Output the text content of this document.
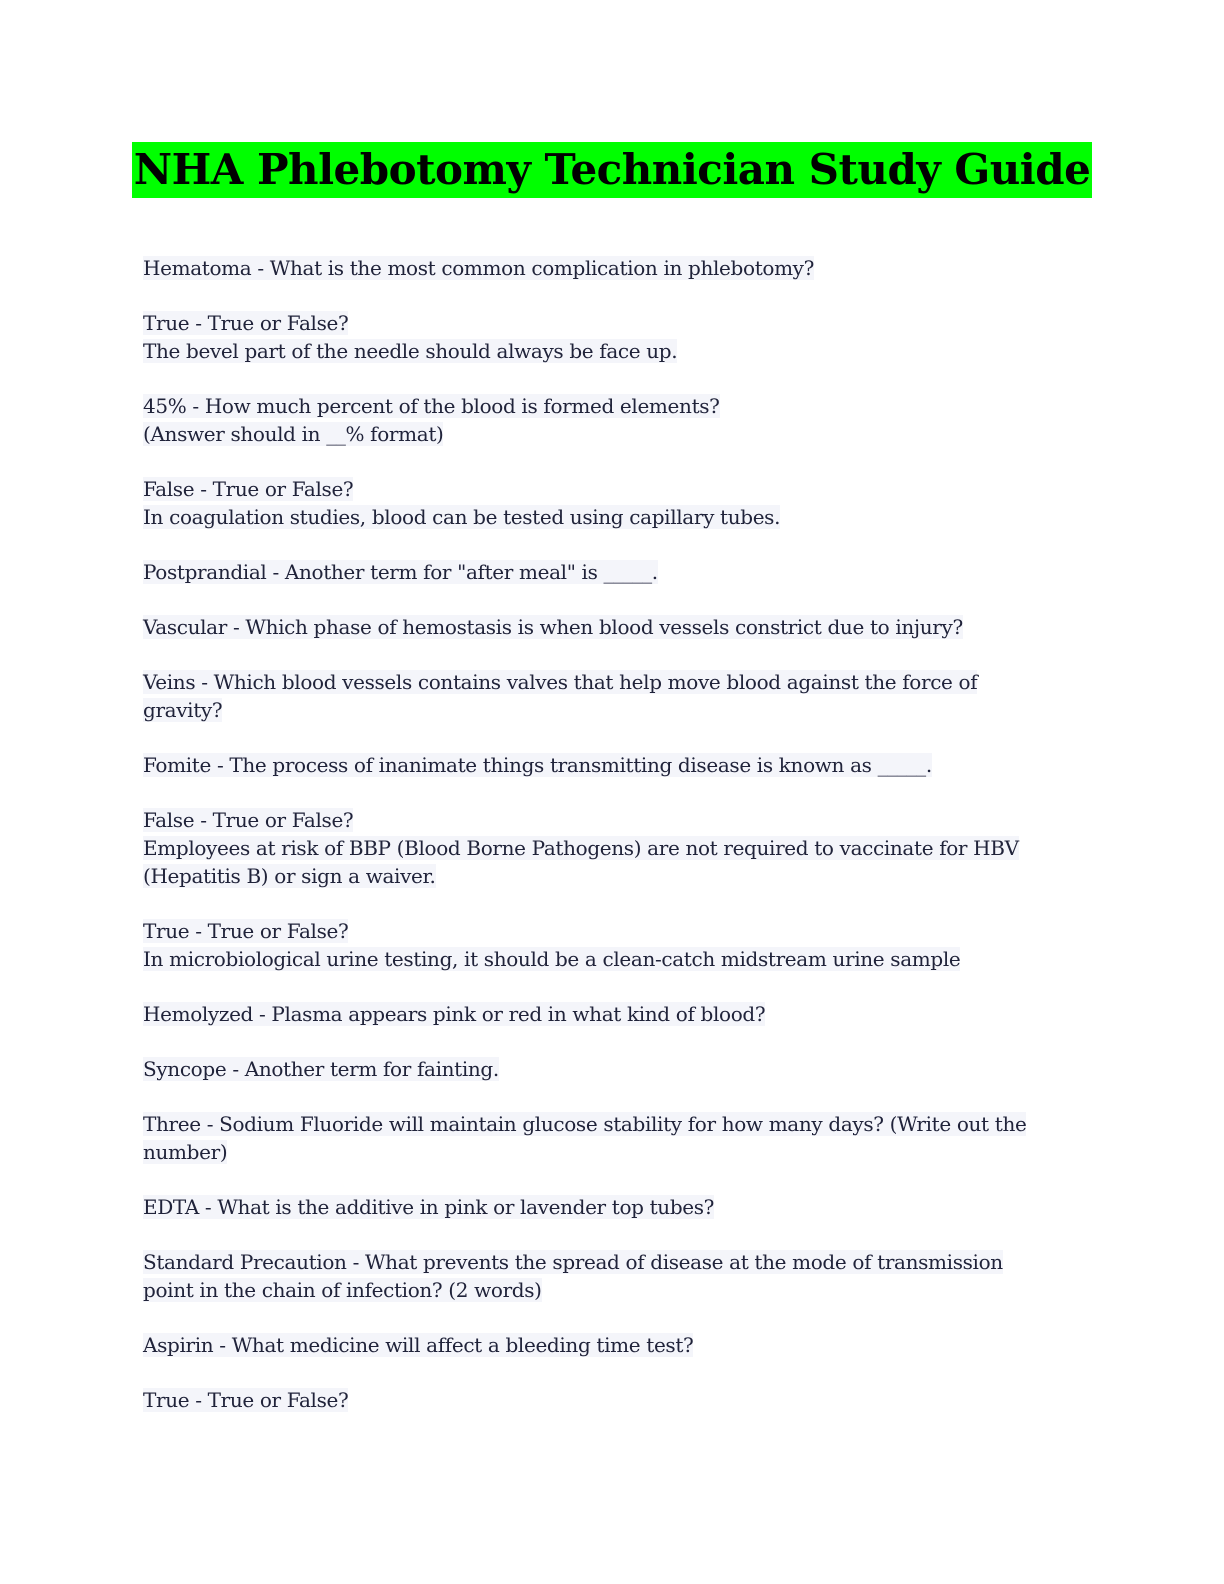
NHA Phlebotomy Technician Study Guide
Hematoma - What is the most common complication in phlebotomy?
True - True or False?
The bevel part of the needle should always be face up.
45% - How much percent of the blood is formed elements?
(Answer should in __% format)
False - True or False?
In coagulation studies, blood can be tested using capillary tubes.
Postprandial - Another term for "after meal" is _____.
Vascular - Which phase of hemostasis is when blood vessels constrict due to injury?
Veins - Which blood vessels contains valves that help move blood against the force of
gravity?
Fomite - The process of inanimate things transmitting disease is known as _____.
False - True or False?
Employees at risk of BBP (Blood Borne Pathogens) are not required to vaccinate for HBV
(Hepatitis B) or sign a waiver.
True - True or False?
In microbiological urine testing, it should be a clean-catch midstream urine sample
Hemolyzed - Plasma appears pink or red in what kind of blood?
Syncope - Another term for fainting.
Three - Sodium Fluoride will maintain glucose stability for how many days? (Write out the
number)
EDTA - What is the additive in pink or lavender top tubes?
Standard Precaution - What prevents the spread of disease at the mode of transmission
point in the chain of infection? (2 words)
Aspirin - What medicine will affect a bleeding time test?
True - True or False?
